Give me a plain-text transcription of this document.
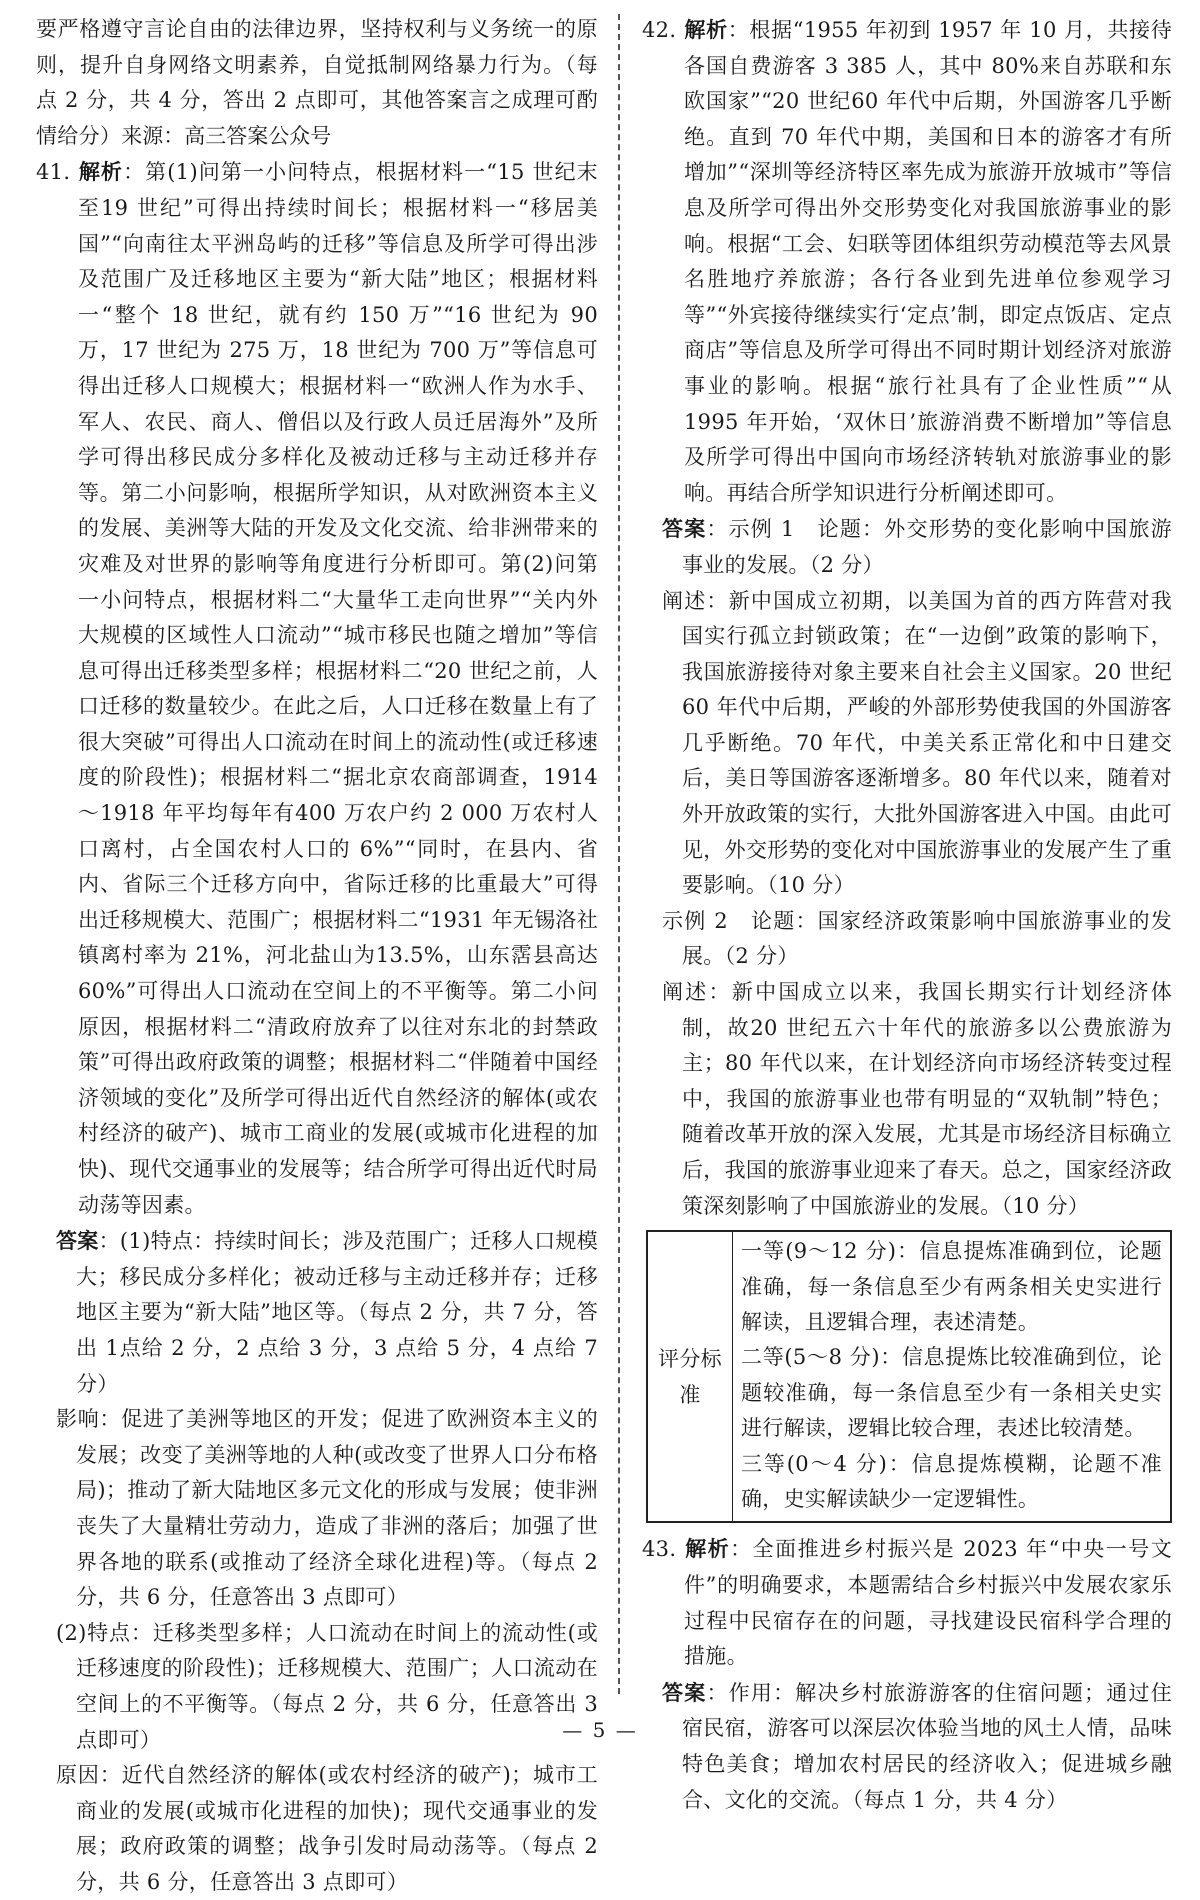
要严格遵守言论自由的法律边界，坚持权利与义务统一的原则，提升自身网络文明素养，自觉抵制网络暴力行为。（每点 2 分，共 4 分，答出 2 点即可，其他答案言之成理可酌情给分）来源：高三答案公众号

41. 解析：第(1)问第一小问特点，根据材料一“15 世纪末至19 世纪”可得出持续时间长；根据材料一“移居美国”“向南往太平洲岛屿的迁移”等信息及所学可得出涉及范围广及迁移地区主要为“新大陆”地区；根据材料一“整个 18 世纪，就有约 150 万”“16 世纪为 90 万，17 世纪为 275 万，18 世纪为 700 万”等信息可得出迁移人口规模大；根据材料一“欧洲人作为水手、军人、农民、商人、僧侣以及行政人员迁居海外”及所学可得出移民成分多样化及被动迁移与主动迁移并存等。第二小问影响，根据所学知识，从对欧洲资本主义的发展、美洲等大陆的开发及文化交流、给非洲带来的灾难及对世界的影响等角度进行分析即可。第(2)问第一小问特点，根据材料二“大量华工走向世界”“关内外大规模的区域性人口流动”“城市移民也随之增加”等信息可得出迁移类型多样；根据材料二“20 世纪之前，人口迁移的数量较少。在此之后，人口迁移在数量上有了很大突破”可得出人口流动在时间上的流动性(或迁移速度的阶段性)；根据材料二“据北京农商部调查，1914～1918 年平均每年有400 万农户约 2 000 万农村人口离村，占全国农村人口的 6%”“同时，在县内、省内、省际三个迁移方向中，省际迁移的比重最大”可得出迁移规模大、范围广；根据材料二“1931 年无锡洛社镇离村率为 21%，河北盐山为13.5%，山东霑县高达 60%”可得出人口流动在空间上的不平衡等。第二小问原因，根据材料二“清政府放弃了以往对东北的封禁政策”可得出政府政策的调整；根据材料二“伴随着中国经济领域的变化”及所学可得出近代自然经济的解体(或农村经济的破产)、城市工商业的发展(或城市化进程的加快)、现代交通事业的发展等；结合所学可得出近代时局动荡等因素。

答案：(1)特点：持续时间长；涉及范围广；迁移人口规模大；移民成分多样化；被动迁移与主动迁移并存；迁移地区主要为“新大陆”地区等。（每点 2 分，共 7 分，答出 1点给 2 分，2 点给 3 分，3 点给 5 分，4 点给 7 分）

影响：促进了美洲等地区的开发；促进了欧洲资本主义的发展；改变了美洲等地的人种(或改变了世界人口分布格局)；推动了新大陆地区多元文化的形成与发展；使非洲丧失了大量精壮劳动力，造成了非洲的落后；加强了世界各地的联系(或推动了经济全球化进程)等。（每点 2 分，共 6 分，任意答出 3 点即可）

(2)特点：迁移类型多样；人口流动在时间上的流动性(或迁移速度的阶段性)；迁移规模大、范围广；人口流动在空间上的不平衡等。（每点 2 分，共 6 分，任意答出 3点即可）

原因：近代自然经济的解体(或农村经济的破产)；城市工商业的发展(或城市化进程的加快)；现代交通事业的发展；政府政策的调整；战争引发时局动荡等。（每点 2分，共 6 分，任意答出 3 点即可）

42. 解析：根据“1955 年初到 1957 年 10 月，共接待各国自费游客 3 385 人，其中 80%来自苏联和东欧国家”“20 世纪60 年代中后期，外国游客几乎断绝。直到 70 年代中期，美国和日本的游客才有所增加”“深圳等经济特区率先成为旅游开放城市”等信息及所学可得出外交形势变化对我国旅游事业的影响。根据“工会、妇联等团体组织劳动模范等去风景名胜地疗养旅游；各行各业到先进单位参观学习等”“外宾接待继续实行‘定点’制，即定点饭店、定点商店”等信息及所学可得出不同时期计划经济对旅游事业的影响。根据“旅行社具有了企业性质”“从 1995 年开始，‘双休日’旅游消费不断增加”等信息及所学可得出中国向市场经济转轨对旅游事业的影响。再结合所学知识进行分析阐述即可。

答案：示例 1　论题：外交形势的变化影响中国旅游事业的发展。（2 分）

阐述：新中国成立初期，以美国为首的西方阵营对我国实行孤立封锁政策；在“一边倒”政策的影响下，我国旅游接待对象主要来自社会主义国家。20 世纪 60 年代中后期，严峻的外部形势使我国的外国游客几乎断绝。70 年代，中美关系正常化和中日建交后，美日等国游客逐渐增多。80 年代以来，随着对外开放政策的实行，大批外国游客进入中国。由此可见，外交形势的变化对中国旅游事业的发展产生了重要影响。（10 分）

示例 2　论题：国家经济政策影响中国旅游事业的发展。（2 分）

阐述：新中国成立以来，我国长期实行计划经济体制，故20 世纪五六十年代的旅游多以公费旅游为主；80 年代以来，在计划经济向市场经济转变过程中，我国的旅游事业也带有明显的“双轨制”特色；随着改革开放的深入发展，尤其是市场经济目标确立后，我国的旅游事业迎来了春天。总之，国家经济政策深刻影响了中国旅游业的发展。（10 分）

评分标准

一等(9～12 分)：信息提炼准确到位，论题准确，每一条信息至少有两条相关史实进行解读，且逻辑合理，表述清楚。

二等(5～8 分)：信息提炼比较准确到位，论题较准确，每一条信息至少有一条相关史实进行解读，逻辑比较合理，表述比较清楚。

三等(0～4 分)：信息提炼模糊，论题不准确，史实解读缺少一定逻辑性。

43. 解析：全面推进乡村振兴是 2023 年“中央一号文件”的明确要求，本题需结合乡村振兴中发展农家乐过程中民宿存在的问题，寻找建设民宿科学合理的措施。

答案：作用：解决乡村旅游游客的住宿问题；通过住宿民宿，游客可以深层次体验当地的风土人情，品味特色美食；增加农村居民的经济收入；促进城乡融合、文化的交流。（每点 1 分，共 4 分）

— 5 —
